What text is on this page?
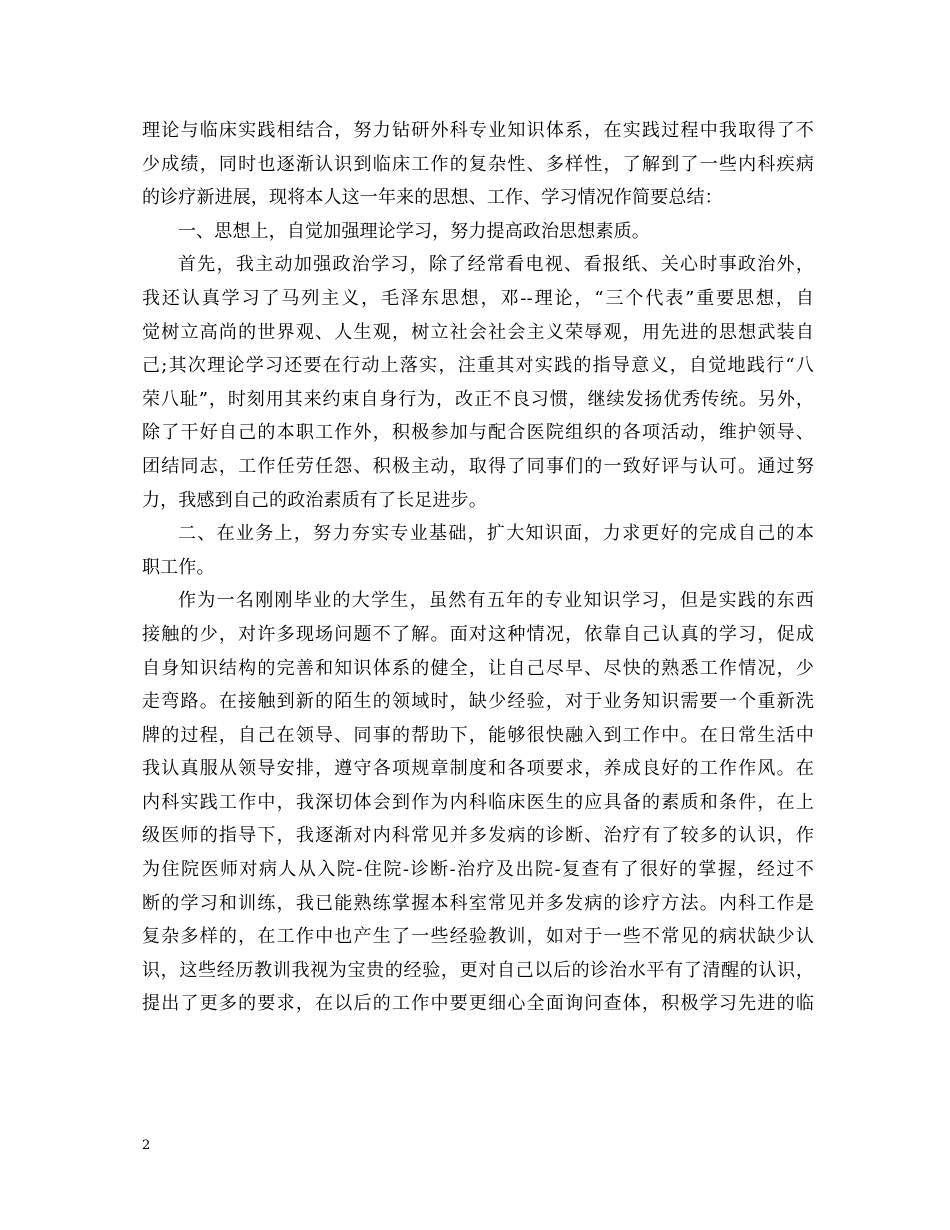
理论与临床实践相结合，努力钻研外科专业知识体系，在实践过程中我取得了不
少成绩，同时也逐渐认识到临床工作的复杂性、多样性，了解到了一些内科疾病
的诊疗新进展，现将本人这一年来的思想、工作、学习情况作简要总结：
一、思想上，自觉加强理论学习，努力提高政治思想素质。
首先，我主动加强政治学习，除了经常看电视、看报纸、关心时事政治外，
我还认真学习了马列主义，毛泽东思想，邓--理论，“三个代表”重要思想，自
觉树立高尚的世界观、人生观，树立社会社会主义荣辱观，用先进的思想武装自
己;其次理论学习还要在行动上落实，注重其对实践的指导意义，自觉地践行“八
荣八耻”，时刻用其来约束自身行为，改正不良习惯，继续发扬优秀传统。另外，
除了干好自己的本职工作外，积极参加与配合医院组织的各项活动，维护领导、
团结同志，工作任劳任怨、积极主动，取得了同事们的一致好评与认可。通过努
力，我感到自己的政治素质有了长足进步。
二、在业务上，努力夯实专业基础，扩大知识面，力求更好的完成自己的本
职工作。
作为一名刚刚毕业的大学生，虽然有五年的专业知识学习，但是实践的东西
接触的少，对许多现场问题不了解。面对这种情况，依靠自己认真的学习，促成
自身知识结构的完善和知识体系的健全，让自己尽早、尽快的熟悉工作情况，少
走弯路。在接触到新的陌生的领域时，缺少经验，对于业务知识需要一个重新洗
牌的过程，自己在领导、同事的帮助下，能够很快融入到工作中。在日常生活中
我认真服从领导安排，遵守各项规章制度和各项要求，养成良好的工作作风。在
内科实践工作中，我深切体会到作为内科临床医生的应具备的素质和条件，在上
级医师的指导下，我逐渐对内科常见并多发病的诊断、治疗有了较多的认识，作
为住院医师对病人从入院-住院-诊断-治疗及出院-复查有了很好的掌握，经过不
断的学习和训练，我已能熟练掌握本科室常见并多发病的诊疗方法。内科工作是
复杂多样的，在工作中也产生了一些经验教训，如对于一些不常见的病状缺少认
识，这些经历教训我视为宝贵的经验，更对自己以后的诊治水平有了清醒的认识，
提出了更多的要求，在以后的工作中要更细心全面询问查体，积极学习先进的临
2
